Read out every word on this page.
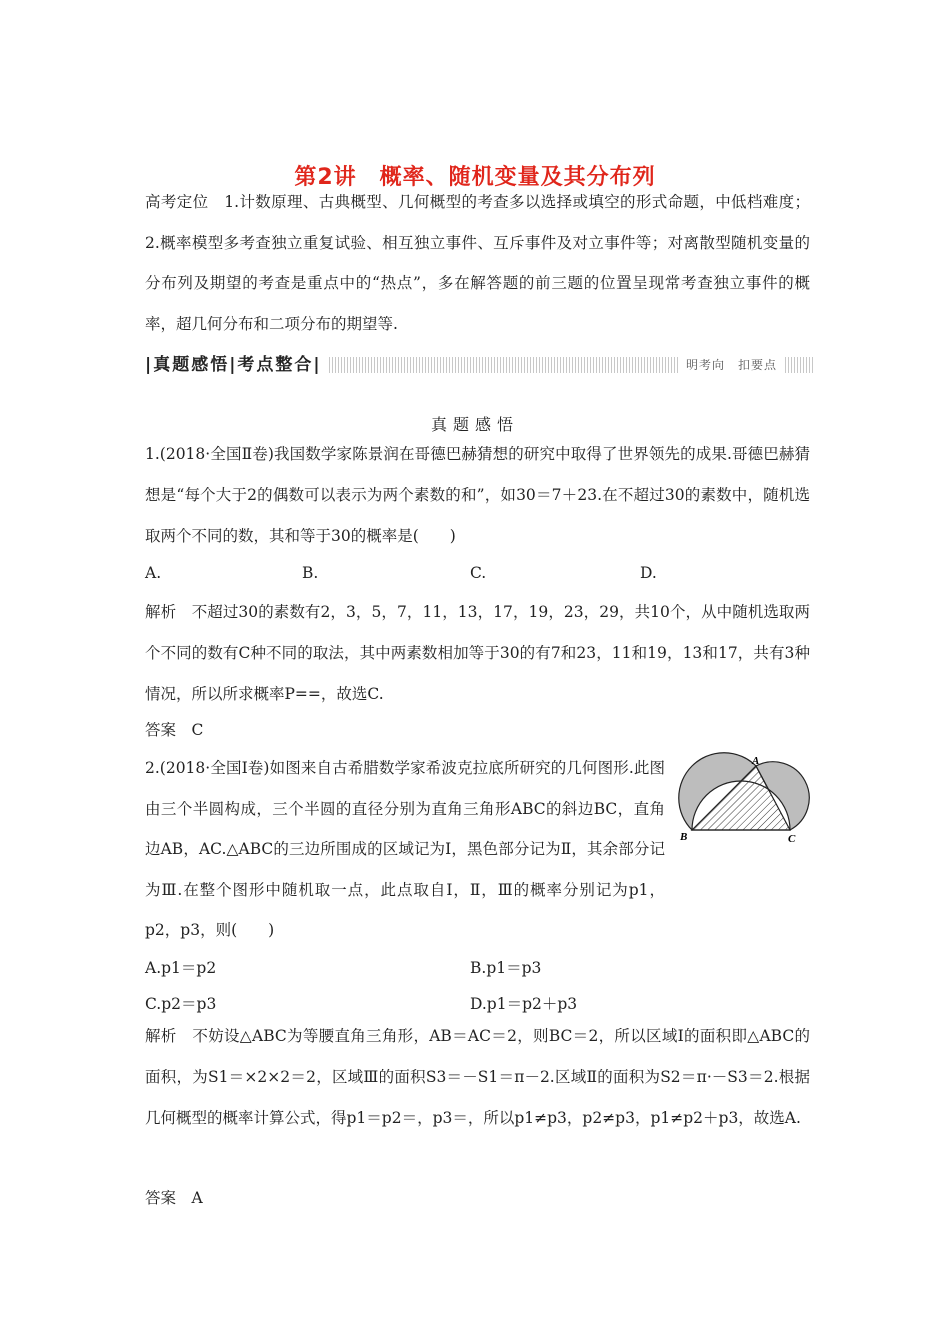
第2讲　概率、随机变量及其分布列
高考定位　1.计数原理、古典概型、几何概型的考查多以选择或填空的形式命题，中低档难度；2.概率模型多考查独立重复试验、相互独立事件、互斥事件及对立事件等；对离散型随机变量的分布列及期望的考查是重点中的“热点”，多在解答题的前三题的位置呈现常考查独立事件的概率，超几何分布和二项分布的期望等.
|真题感悟|考点整合|	明考向　扣要点
真题感悟
1.(2018·全国Ⅱ卷)我国数学家陈景润在哥德巴赫猜想的研究中取得了世界领先的成果.哥德巴赫猜想是“每个大于2的偶数可以表示为两个素数的和”，如30＝7＋23.在不超过30的素数中，随机选取两个不同的数，其和等于30的概率是(　　)
A.	B.	C.	D.
解析　不超过30的素数有2，3，5，7，11，13，17，19，23，29，共10个，从中随机选取两个不同的数有C种不同的取法，其中两素数相加等于30的有7和23，11和19，13和17，共有3种情况，所以所求概率P==，故选C.
答案　C
2.(2018·全国Ⅰ卷)如图来自古希腊数学家希波克拉底所研究的几何图形.此图由三个半圆构成，三个半圆的直径分别为直角三角形ABC的斜边BC，直角边AB，AC.△ABC的三边所围成的区域记为Ⅰ，黑色部分记为Ⅱ，其余部分记为Ⅲ.在整个图形中随机取一点，此点取自Ⅰ，Ⅱ，Ⅲ的概率分别记为p1，p2，p3，则(　　)
A
B	C
A.p1＝p2	B.p1＝p3
C.p2＝p3	D.p1＝p2＋p3
解析　不妨设△ABC为等腰直角三角形，AB＝AC＝2，则BC＝2，所以区域Ⅰ的面积即△ABC的面积，为S1＝×2×2＝2，区域Ⅲ的面积S3＝－S1＝π－2.区域Ⅱ的面积为S2＝π·－S3＝2.根据几何概型的概率计算公式，得p1＝p2＝，p3＝，所以p1≠p3，p2≠p3，p1≠p2＋p3，故选A.
答案　A
